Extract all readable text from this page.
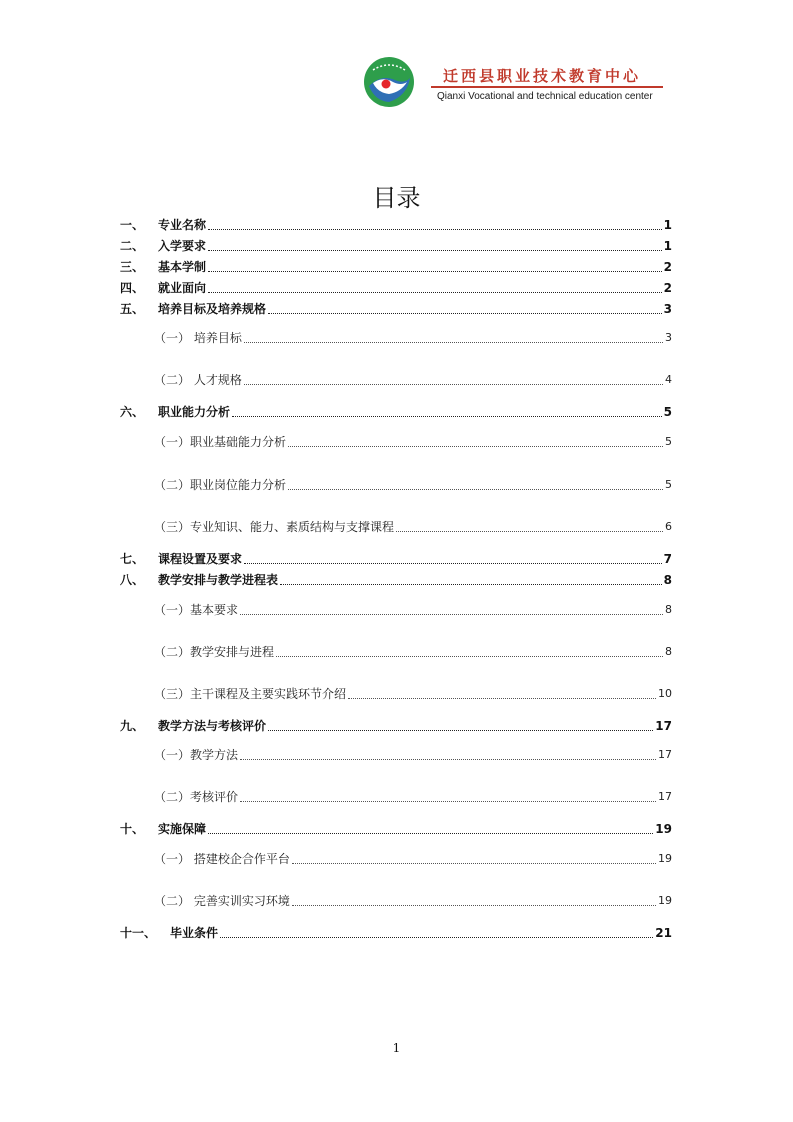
迁西县职业技术教育中心
Qianxi Vocational and technical education center
目录
一、 专业名称	1
二、 入学要求	1
三、 基本学制	2
四、 就业面向	2
五、 培养目标及培养规格	3
（一） 培养目标	3
（二） 人才规格	4
六、 职业能力分析	5
（一）职业基础能力分析	5
（二）职业岗位能力分析	5
（三）专业知识、能力、素质结构与支撑课程	6
七、 课程设置及要求	7
八、 教学安排与教学进程表	8
（一）基本要求	8
（二）教学安排与进程	8
（三）主干课程及主要实践环节介绍	10
九、 教学方法与考核评价	17
（一）教学方法	17
（二）考核评价	17
十、 实施保障	19
（一） 搭建校企合作平台	19
（二） 完善实训实习环境	19
十一、 毕业条件	21
1
